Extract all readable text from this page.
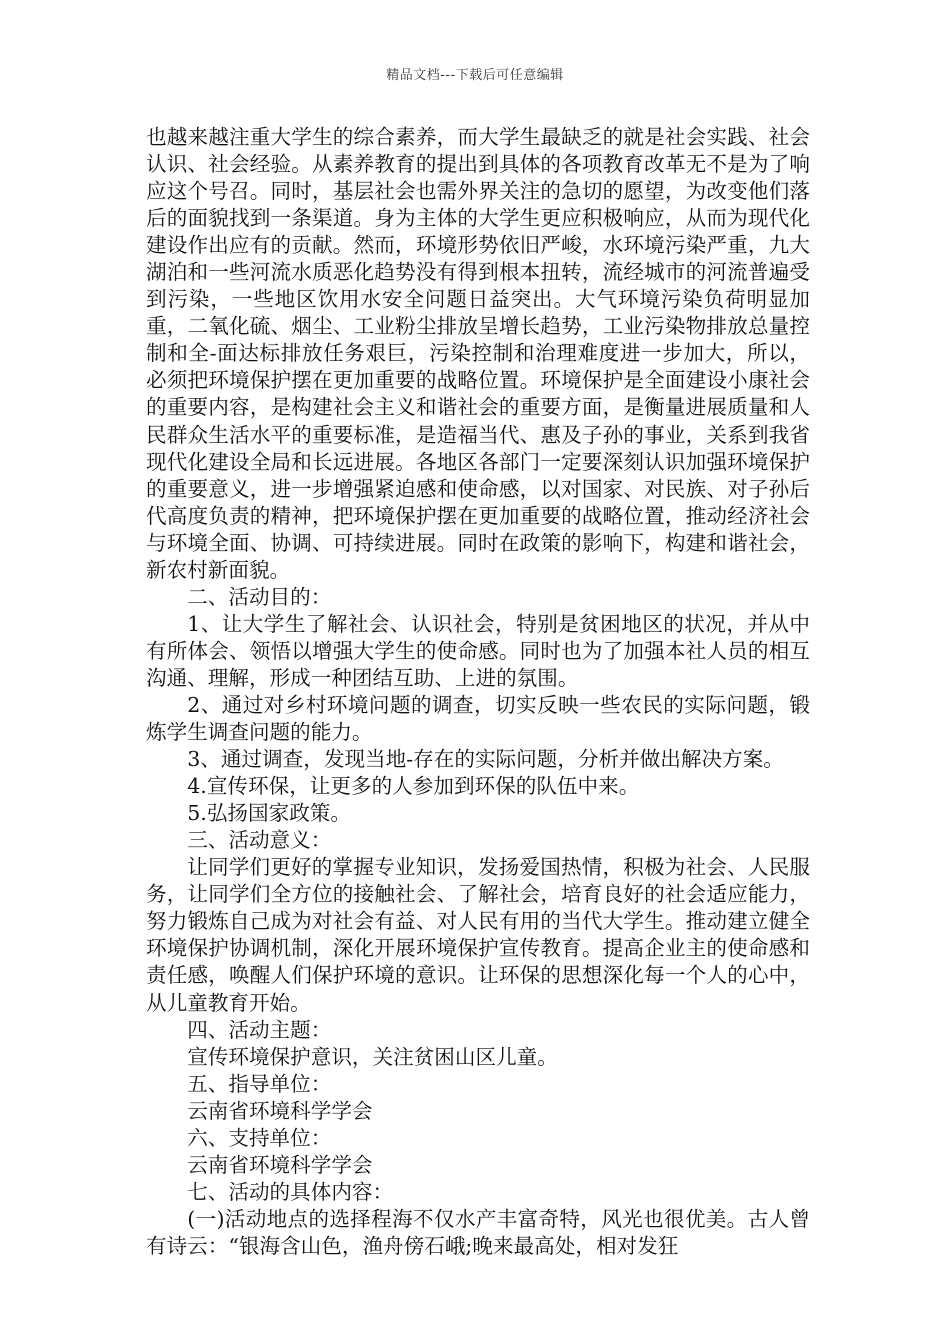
精品文档---下载后可任意编辑

也越来越注重大学生的综合素养，而大学生最缺乏的就是社会实践、社会认识、社会经验。从素养教育的提出到具体的各项教育改革无不是为了响应这个号召。同时，基层社会也需外界关注的急切的愿望，为改变他们落后的面貌找到一条渠道。身为主体的大学生更应积极响应，从而为现代化建设作出应有的贡献。然而，环境形势依旧严峻，水环境污染严重，九大湖泊和一些河流水质恶化趋势没有得到根本扭转，流经城市的河流普遍受到污染，一些地区饮用水安全问题日益突出。大气环境污染负荷明显加重，二氧化硫、烟尘、工业粉尘排放呈增长趋势，工业污染物排放总量控制和全-面达标排放任务艰巨，污染控制和治理难度进一步加大，所以，必须把环境保护摆在更加重要的战略位置。环境保护是全面建设小康社会的重要内容，是构建社会主义和谐社会的重要方面，是衡量进展质量和人民群众生活水平的重要标准，是造福当代、惠及子孙的事业，关系到我省现代化建设全局和长远进展。各地区各部门一定要深刻认识加强环境保护的重要意义，进一步增强紧迫感和使命感，以对国家、对民族、对子孙后代高度负责的精神，把环境保护摆在更加重要的战略位置，推动经济社会与环境全面、协调、可持续进展。同时在政策的影响下，构建和谐社会，新农村新面貌。

二、活动目的：

1、让大学生了解社会、认识社会，特别是贫困地区的状况，并从中有所体会、领悟以增强大学生的使命感。同时也为了加强本社人员的相互沟通、理解，形成一种团结互助、上进的氛围。

2、通过对乡村环境问题的调查，切实反映一些农民的实际问题，锻炼学生调查问题的能力。

3、通过调查，发现当地-存在的实际问题，分析并做出解决方案。

4.宣传环保，让更多的人参加到环保的队伍中来。

5.弘扬国家政策。

三、活动意义：

让同学们更好的掌握专业知识，发扬爱国热情，积极为社会、人民服务，让同学们全方位的接触社会、了解社会，培育良好的社会适应能力，努力锻炼自己成为对社会有益、对人民有用的当代大学生。推动建立健全环境保护协调机制，深化开展环境保护宣传教育。提高企业主的使命感和责任感，唤醒人们保护环境的意识。让环保的思想深化每一个人的心中，从儿童教育开始。

四、活动主题：

宣传环境保护意识，关注贫困山区儿童。

五、指导单位：

云南省环境科学学会

六、支持单位：

云南省环境科学学会

七、活动的具体内容：

(一)活动地点的选择程海不仅水产丰富奇特，风光也很优美。古人曾有诗云：“银海含山色，渔舟傍石峨;晚来最高处，相对发狂
